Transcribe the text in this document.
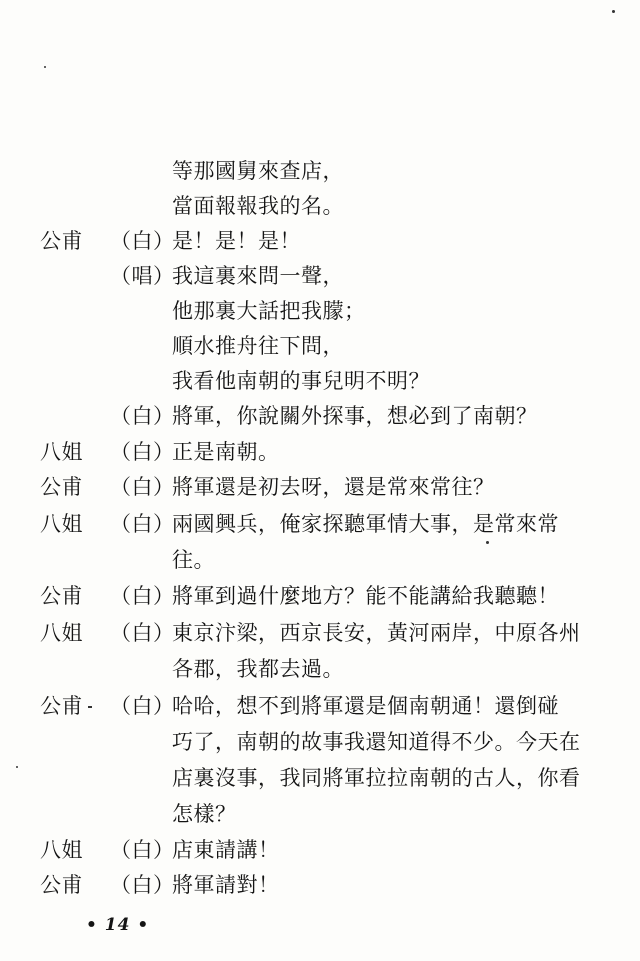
等那國舅來查店，
當面報報我的名。
公甫	（白）
是！是！是！
（唱）
我這裏來問一聲，
他那裏大話把我朦；
順水推舟往下問，
我看他南朝的事兒明不明？
（白）
將軍，你說關外探事，想必到了南朝？
八姐	（白）
正是南朝。
公甫	（白）
將軍還是初去呀，還是常來常往？
八姐	（白）
兩國興兵，俺家探聽軍情大事，是常來常
往。
公甫	（白）
將軍到過什麼地方？能不能講給我聽聽！
八姐	（白）
東京汴梁，西京長安，黃河兩岸，中原各州
各郡，我都去過。
公甫	（白）
哈哈，想不到將軍還是個南朝通！還倒碰
巧了，南朝的故事我還知道得不少。今天在
店裏沒事，我同將軍拉拉南朝的古人，你看
怎樣？
八姐	（白）
店東請講！
公甫	（白）
將軍請對！
• 14 •
